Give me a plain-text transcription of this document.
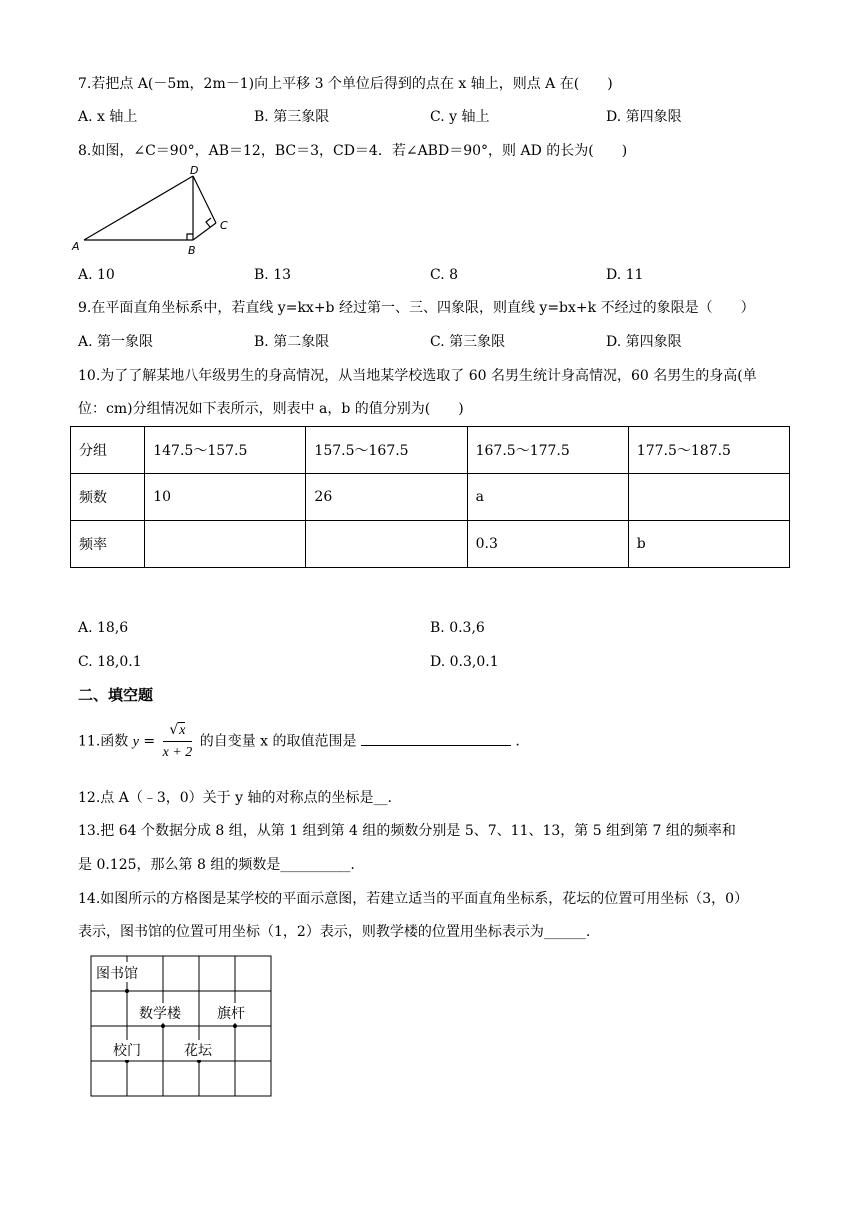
7.若把点 A(－5m，2m－1)向上平移 3 个单位后得到的点在 x 轴上，则点 A 在(　　)
A. x 轴上	B. 第三象限	C. y 轴上	D. 第四象限
8.如图，∠C＝90°，AB＝12，BC＝3，CD＝4．若∠ABD＝90°，则 AD 的长为(　　)
A	B
C
D
A. 10	B. 13	C. 8	D. 11
9.在平面直角坐标系中，若直线 y=kx+b 经过第一、三、四象限，则直线 y=bx+k 不经过的象限是（　　）
A. 第一象限	B. 第二象限	C. 第三象限	D. 第四象限
10.为了了解某地八年级男生的身高情况，从当地某学校选取了 60 名男生统计身高情况，60 名男生的身高(单
位：cm)分组情况如下表所示，则表中 a，b 的值分别为(　　)
分组	147.5～157.5	157.5～167.5	167.5～177.5	177.5～187.5
频数	10	26	a	
频率			0.3	b
A. 18,6	B. 0.3,6
C. 18,0.1	D. 0.3,0.1
二、填空题
11.函数 $y = \frac{√x}{x + 2}$ 的自变量 x 的取值范围是	.
12.点 A（﹣3，0）关于 y 轴的对称点的坐标是__.
13.把 64 个数据分成 8 组，从第 1 组到第 4 组的频数分别是 5、7、11、13，第 5 组到第 7 组的频率和
是 0.125，那么第 8 组的频数是__________.
14.如图所示的方格图是某学校的平面示意图，若建立适当的平面直角坐标系，花坛的位置可用坐标（3，0）
表示，图书馆的位置可用坐标（1，2）表示，则教学楼的位置用坐标表示为______.
图书馆
数学楼	旗杆
校门	花坛
